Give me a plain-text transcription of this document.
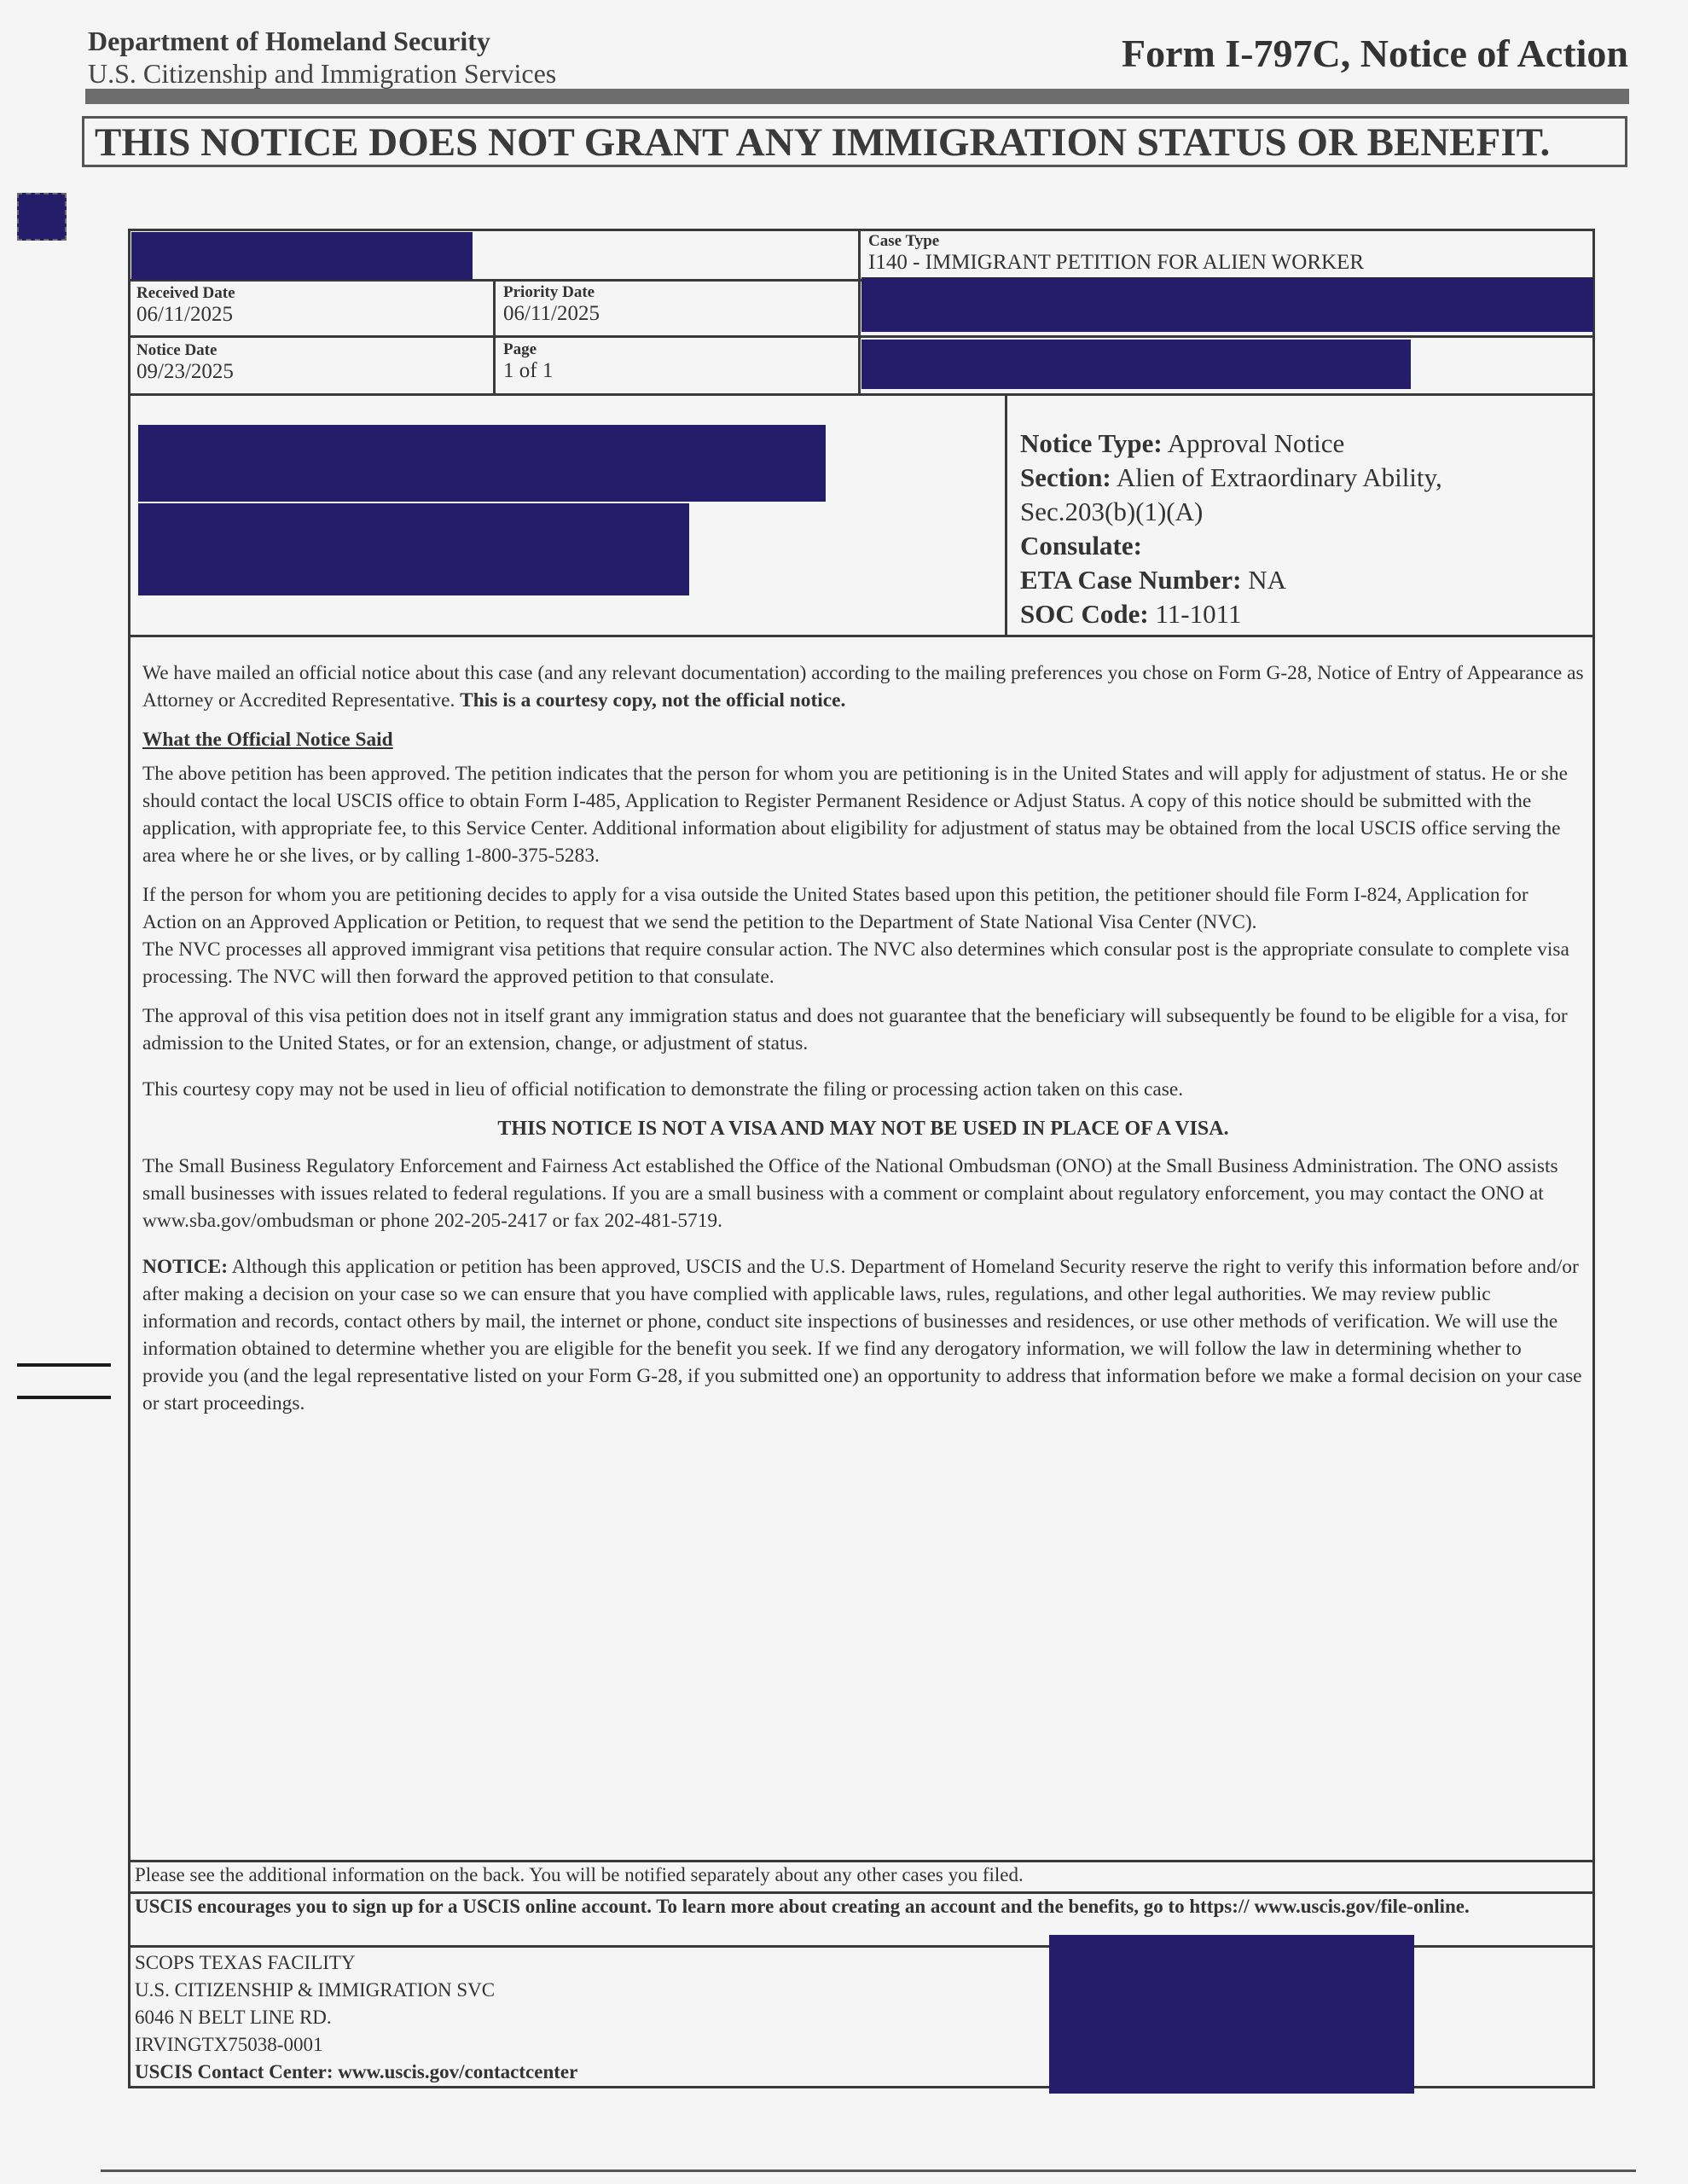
Department of Homeland Security
U.S. Citizenship and Immigration Services	Form I-797C, Notice of Action
THIS NOTICE DOES NOT GRANT ANY IMMIGRATION STATUS OR BENEFIT.
Case Type
I140 - IMMIGRANT PETITION FOR ALIEN WORKER
Received Date
06/11/2025
Priority Date
06/11/2025
Notice Date
09/23/2025
Page
1 of 1
Notice Type: Approval Notice
Section: Alien of Extraordinary Ability,
Sec.203(b)(1)(A)
Consulate:
ETA Case Number: NA
SOC Code: 11-1011

We have mailed an official notice about this case (and any relevant documentation) according to the mailing preferences you chose on Form G-28, Notice of Entry of Appearance as Attorney or Accredited Representative. This is a courtesy copy, not the official notice.

What the Official Notice Said

The above petition has been approved. The petition indicates that the person for whom you are petitioning is in the United States and will apply for adjustment of status. He or she should contact the local USCIS office to obtain Form I-485, Application to Register Permanent Residence or Adjust Status. A copy of this notice should be submitted with the application, with appropriate fee, to this Service Center. Additional information about eligibility for adjustment of status may be obtained from the local USCIS office serving the area where he or she lives, or by calling 1-800-375-5283.

If the person for whom you are petitioning decides to apply for a visa outside the United States based upon this petition, the petitioner should file Form I-824, Application for Action on an Approved Application or Petition, to request that we send the petition to the Department of State National Visa Center (NVC).

The NVC processes all approved immigrant visa petitions that require consular action. The NVC also determines which consular post is the appropriate consulate to complete visa processing. The NVC will then forward the approved petition to that consulate.

The approval of this visa petition does not in itself grant any immigration status and does not guarantee that the beneficiary will subsequently be found to be eligible for a visa, for admission to the United States, or for an extension, change, or adjustment of status.

This courtesy copy may not be used in lieu of official notification to demonstrate the filing or processing action taken on this case.

THIS NOTICE IS NOT A VISA AND MAY NOT BE USED IN PLACE OF A VISA.

The Small Business Regulatory Enforcement and Fairness Act established the Office of the National Ombudsman (ONO) at the Small Business Administration. The ONO assists small businesses with issues related to federal regulations. If you are a small business with a comment or complaint about regulatory enforcement, you may contact the ONO at www.sba.gov/ombudsman or phone 202-205-2417 or fax 202-481-5719.

NOTICE: Although this application or petition has been approved, USCIS and the U.S. Department of Homeland Security reserve the right to verify this information before and/or after making a decision on your case so we can ensure that you have complied with applicable laws, rules, regulations, and other legal authorities. We may review public information and records, contact others by mail, the internet or phone, conduct site inspections of businesses and residences, or use other methods of verification. We will use the information obtained to determine whether you are eligible for the benefit you seek. If we find any derogatory information, we will follow the law in determining whether to provide you (and the legal representative listed on your Form G-28, if you submitted one) an opportunity to address that information before we make a formal decision on your case or start proceedings.

Please see the additional information on the back. You will be notified separately about any other cases you filed.
USCIS encourages you to sign up for a USCIS online account. To learn more about creating an account and the benefits, go to https:// www.uscis.gov/file-online.
SCOPS TEXAS FACILITY
U.S. CITIZENSHIP & IMMIGRATION SVC
6046 N BELT LINE RD.
IRVINGTX75038-0001
USCIS Contact Center: www.uscis.gov/contactcenter
